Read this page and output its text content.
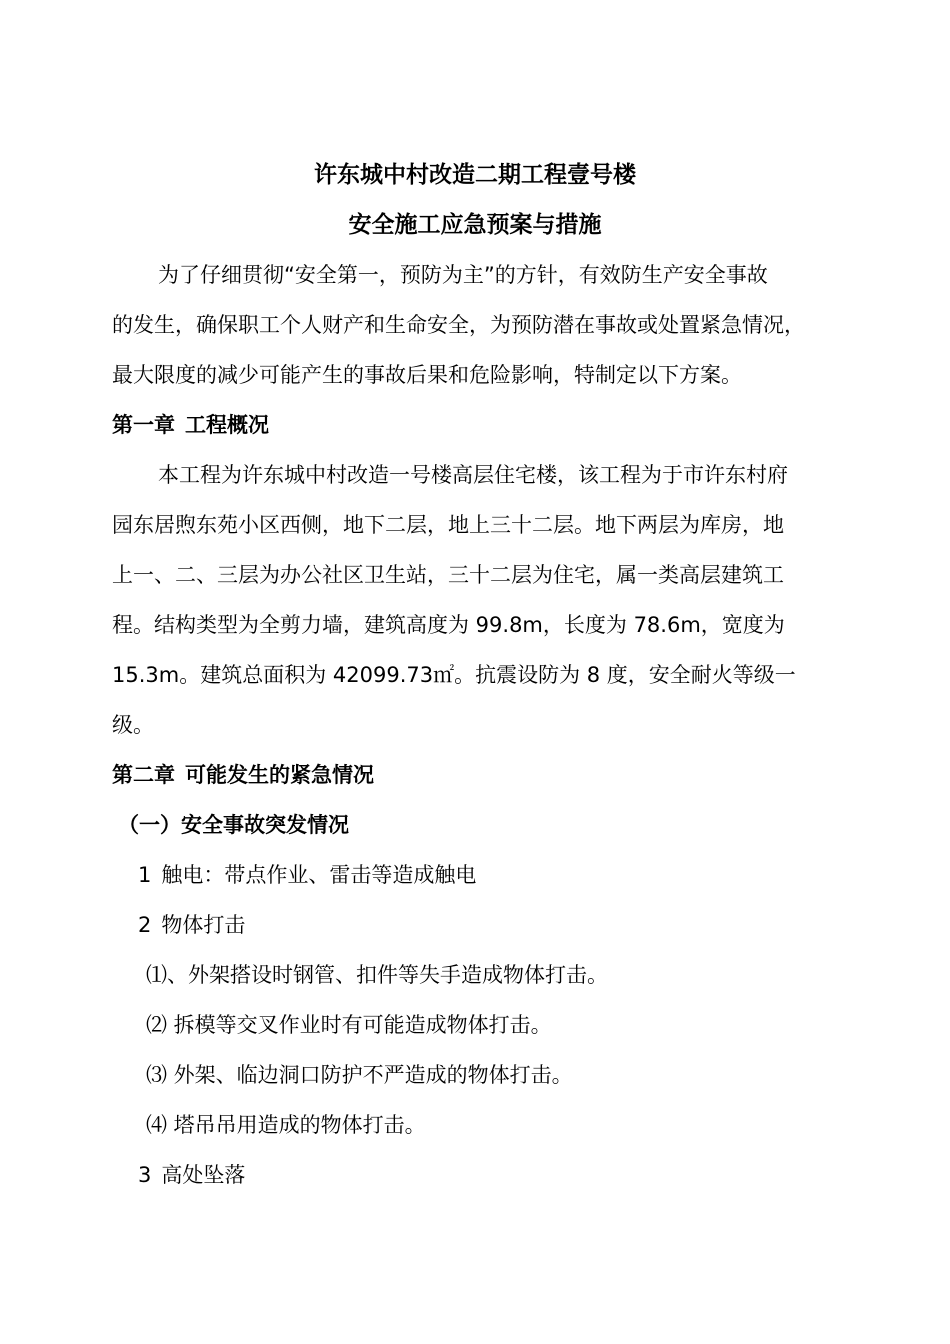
许东城中村改造二期工程壹号楼
安全施工应急预案与措施
为了仔细贯彻“安全第一，预防为主”的方针，有效防生产安全事故
的发生，确保职工个人财产和生命安全，为预防潜在事故或处置紧急情况，
最大限度的减少可能产生的事故后果和危险影响，特制定以下方案。
第一章 工程概况
本工程为许东城中村改造一号楼高层住宅楼，该工程为于市许东村府
园东居煦东苑小区西侧，地下二层，地上三十二层。地下两层为库房，地
上一、二、三层为办公社区卫生站，三十二层为住宅，属一类高层建筑工
程。结构类型为全剪力墙，建筑高度为 99.8m，长度为 78.6m，宽度为
15.3m。建筑总面积为 42099.73㎡。抗震设防为 8 度，安全耐火等级一
级。
第二章 可能发生的紧急情况
（一）安全事故突发情况
1 触电：带点作业、雷击等造成触电
2 物体打击
⑴、外架搭设时钢管、扣件等失手造成物体打击。
⑵ 拆模等交叉作业时有可能造成物体打击。
⑶ 外架、临边洞口防护不严造成的物体打击。
⑷ 塔吊吊用造成的物体打击。
3 高处坠落
